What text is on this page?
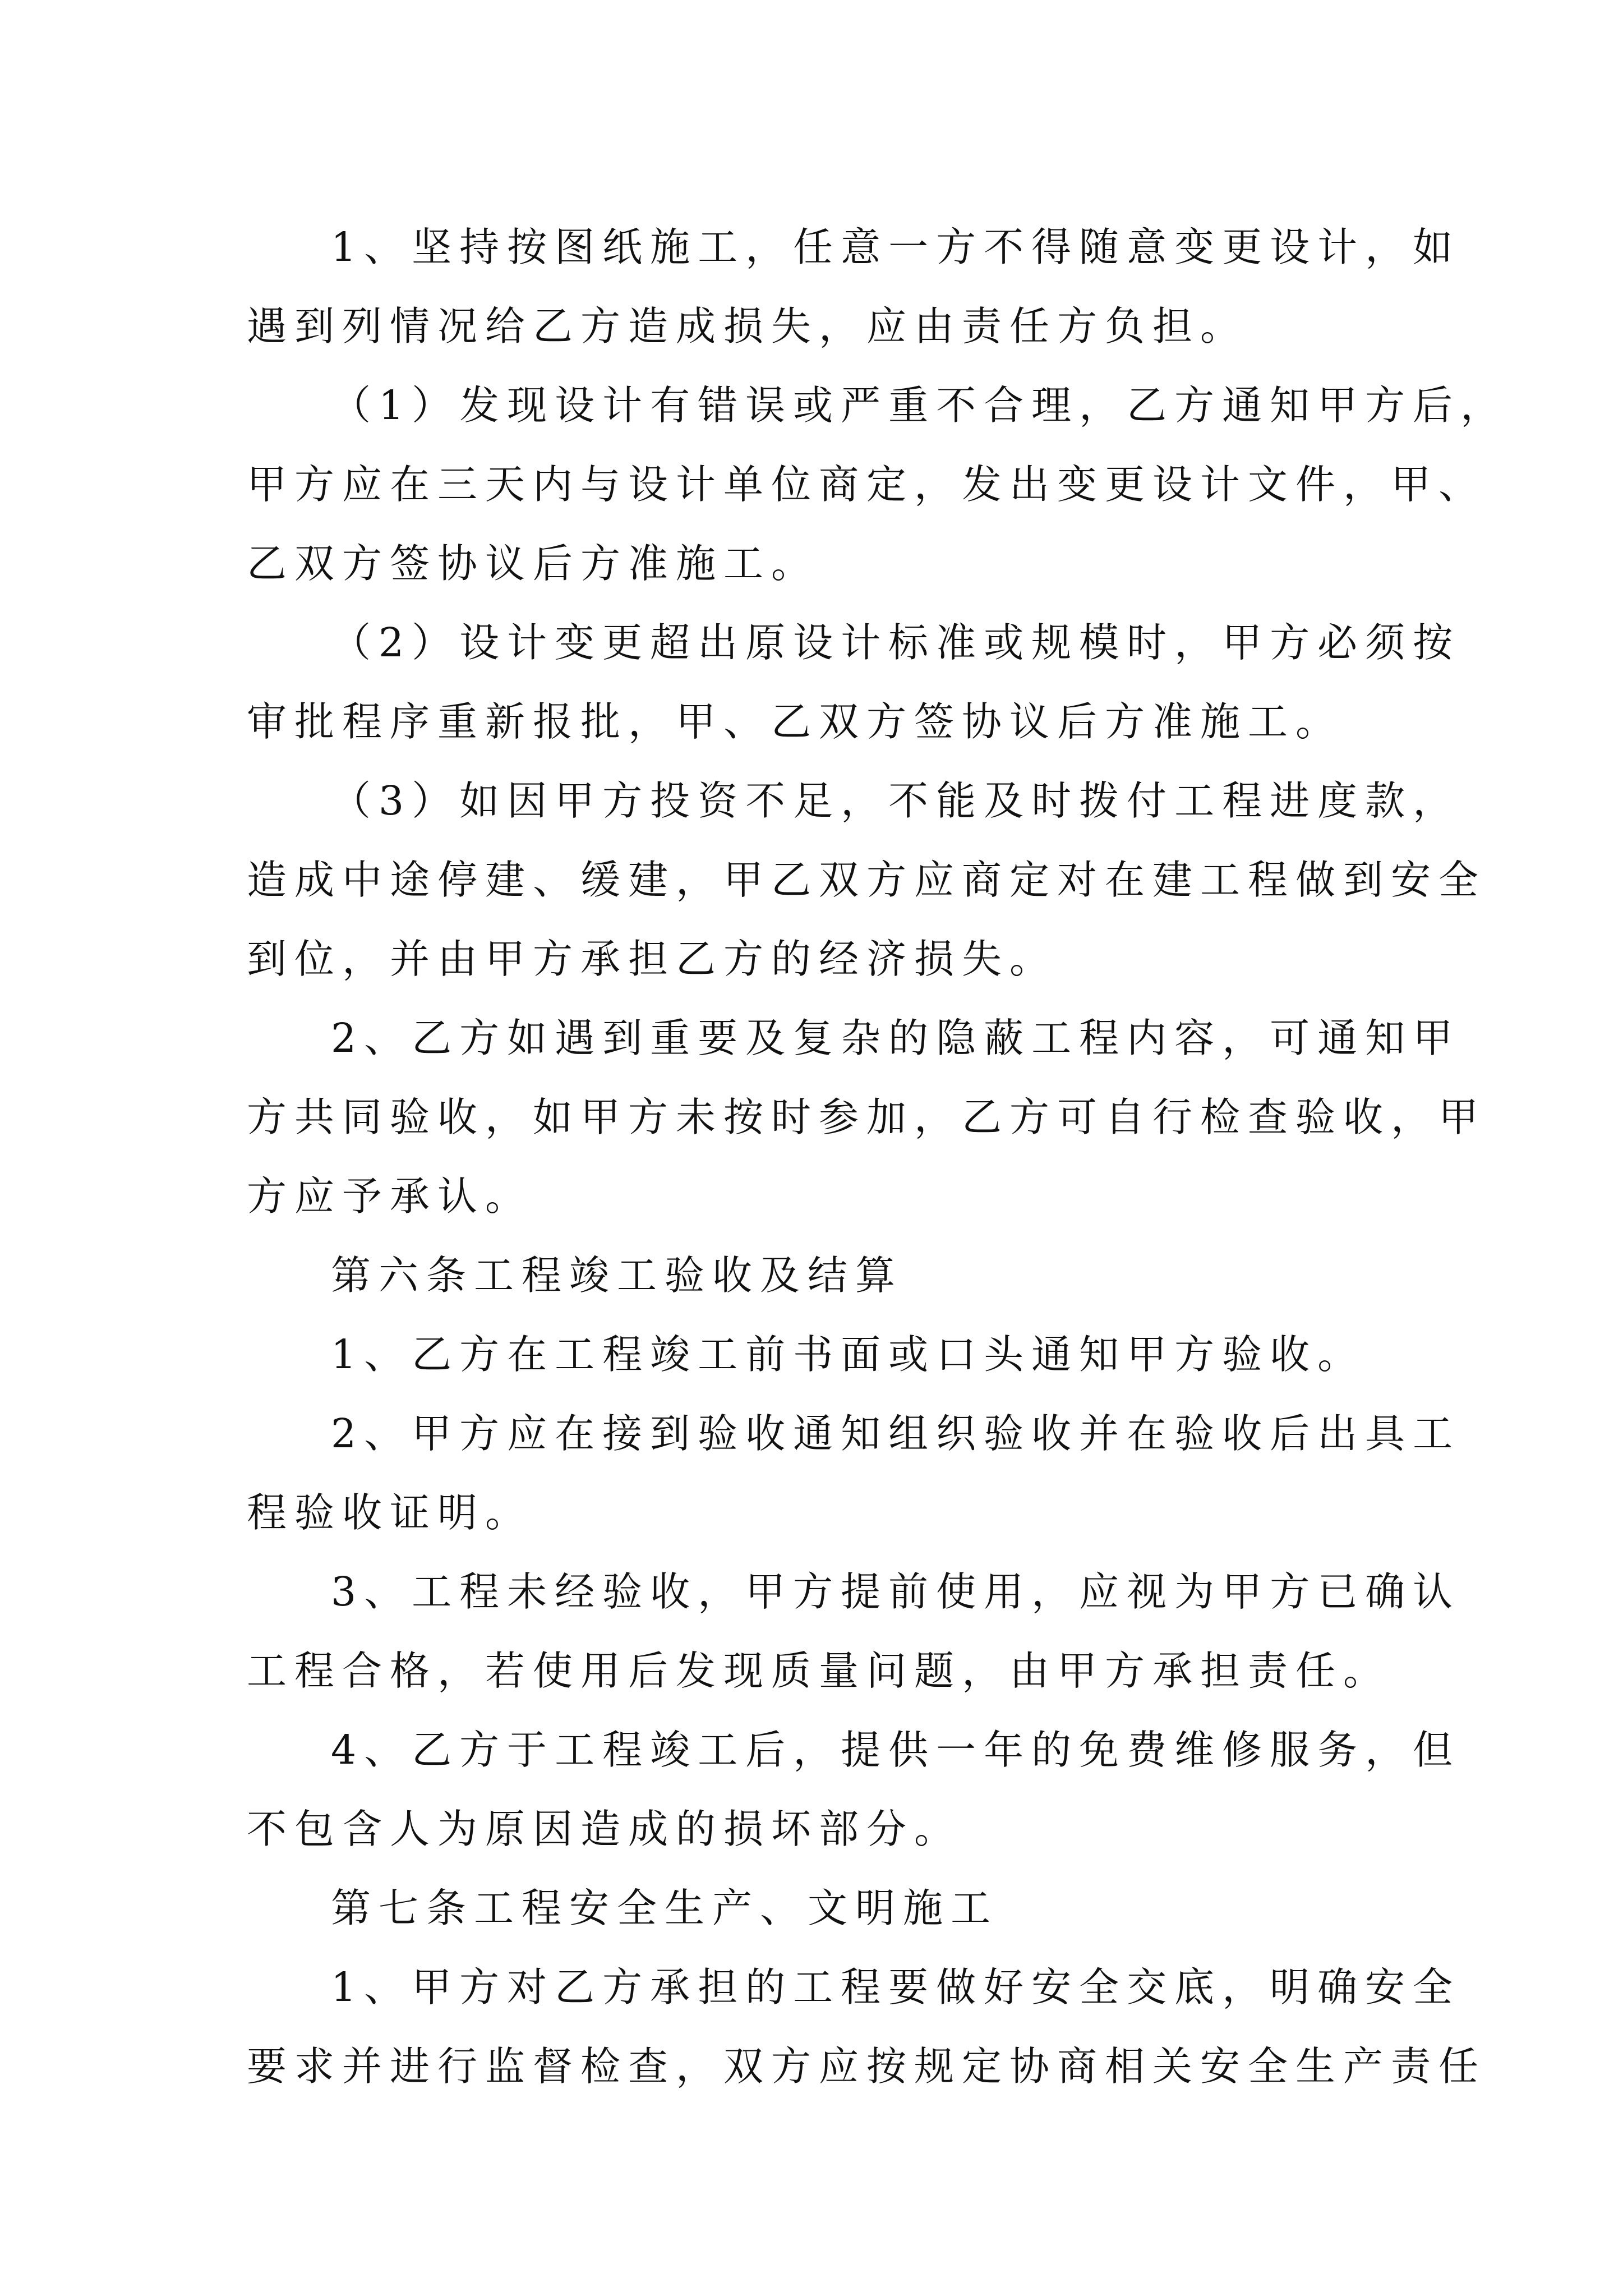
1、坚持按图纸施工，任意一方不得随意变更设计，如
遇到列情况给乙方造成损失，应由责任方负担。
（1）发现设计有错误或严重不合理，乙方通知甲方后，
甲方应在三天内与设计单位商定，发出变更设计文件，甲、
乙双方签协议后方准施工。
（2）设计变更超出原设计标准或规模时，甲方必须按
审批程序重新报批，甲、乙双方签协议后方准施工。
（3）如因甲方投资不足，不能及时拨付工程进度款，
造成中途停建、缓建，甲乙双方应商定对在建工程做到安全
到位，并由甲方承担乙方的经济损失。
2、乙方如遇到重要及复杂的隐蔽工程内容，可通知甲
方共同验收，如甲方未按时参加，乙方可自行检查验收，甲
方应予承认。
第六条工程竣工验收及结算
1、乙方在工程竣工前书面或口头通知甲方验收。
2、甲方应在接到验收通知组织验收并在验收后出具工
程验收证明。
3、工程未经验收，甲方提前使用，应视为甲方已确认
工程合格，若使用后发现质量问题，由甲方承担责任。
4、乙方于工程竣工后，提供一年的免费维修服务，但
不包含人为原因造成的损坏部分。
第七条工程安全生产、文明施工
1、甲方对乙方承担的工程要做好安全交底，明确安全
要求并进行监督检查，双方应按规定协商相关安全生产责任
